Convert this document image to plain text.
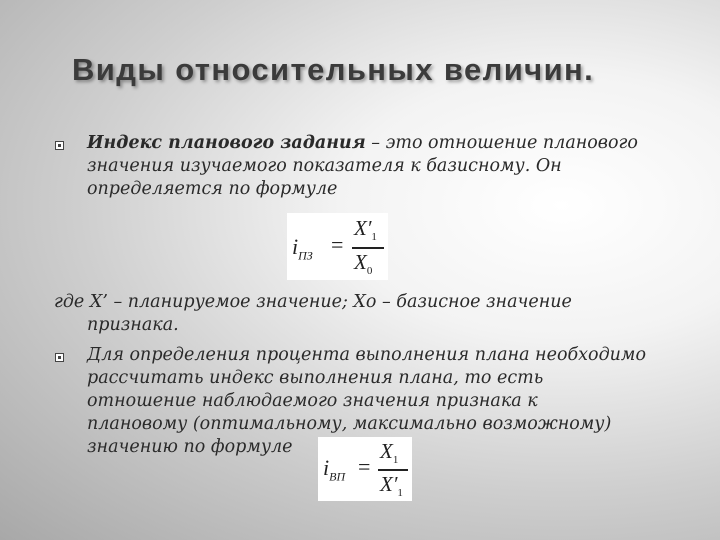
Виды относительных величин.
Индекс планового задания – это отношение планового значения изучаемого показателя к базисному. Он определяется по формуле
$i_{ПЗ}$ =
$X'_1$
$X_0$
где X’ – планируемое значение; Xo – базисное значение
признака.
Для определения процента выполнения плана необходимо
рассчитать индекс выполнения плана, то есть
отношение наблюдаемого значения признака к
плановому (оптимальному, максимально возможному)
значению по формуле
$i_{ВП}$ =
$X_1$
$X'_1$
